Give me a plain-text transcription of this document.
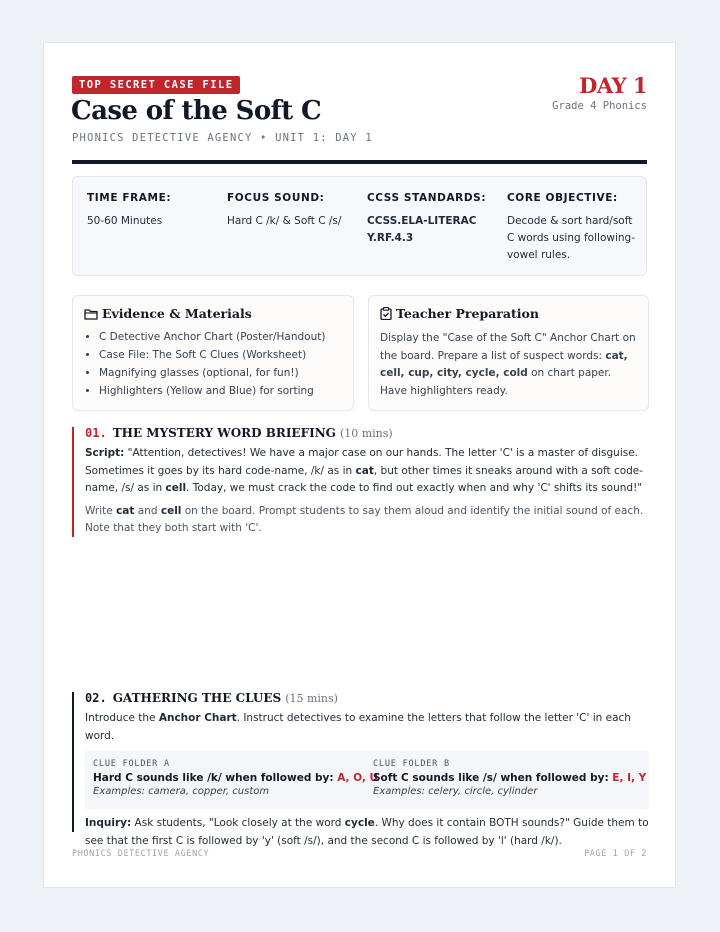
TOP SECRET CASE FILE
Case of the Soft C
PHONICS DETECTIVE AGENCY • UNIT 1: DAY 1
DAY 1
Grade 4 Phonics
TIME FRAME:
50-60 Minutes
FOCUS SOUND:
Hard C /k/ & Soft C /s/
CCSS STANDARDS:
CCSS.ELA-LITERACY.RF.4.3
CORE OBJECTIVE:
Decode & sort hard/soft C words using following-vowel rules.
Evidence & Materials
• C Detective Anchor Chart (Poster/Handout)
• Case File: The Soft C Clues (Worksheet)
• Magnifying glasses (optional, for fun!)
• Highlighters (Yellow and Blue) for sorting
Teacher Preparation
Display the "Case of the Soft C" Anchor Chart on the board. Prepare a list of suspect words: cat, cell, cup, city, cycle, cold on chart paper. Have highlighters ready.
01. THE MYSTERY WORD BRIEFING (10 mins)

Script: "Attention, detectives! We have a major case on our hands. The letter 'C' is a master of disguise. Sometimes it goes by its hard code-name, /k/ as in cat, but other times it sneaks around with a soft code-name, /s/ as in cell. Today, we must crack the code to find out exactly when and why 'C' shifts its sound!"

Write cat and cell on the board. Prompt students to say them aloud and identify the initial sound of each. Note that they both start with 'C'.

02. GATHERING THE CLUES (15 mins)

Introduce the Anchor Chart. Instruct detectives to examine the letters that follow the letter 'C' in each word.

CLUE FOLDER A
Hard C sounds like /k/ when followed by: A, O, U
Examples: camera, copper, custom
CLUE FOLDER B
Soft C sounds like /s/ when followed by: E, I, Y
Examples: celery, circle, cylinder

Inquiry: Ask students, "Look closely at the word cycle. Why does it contain BOTH sounds?" Guide them to see that the first C is followed by 'y' (soft /s/), and the second C is followed by 'l' (hard /k/).

PHONICS DETECTIVE AGENCY	PAGE 1 OF 2
